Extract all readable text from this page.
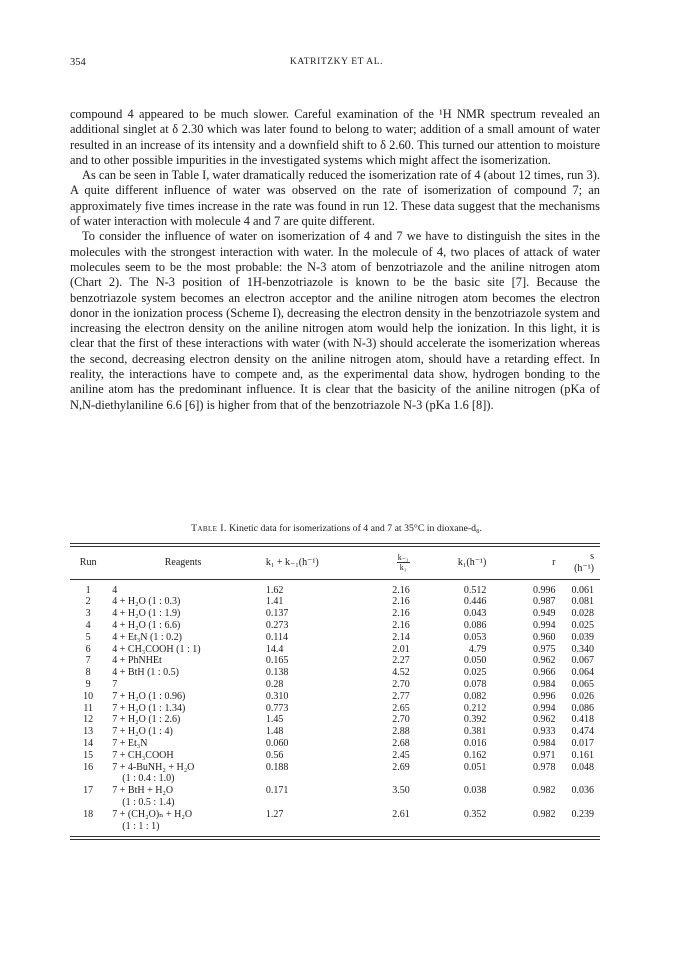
354	KATRITZKY ET AL.

compound 4 appeared to be much slower. Careful examination of the ¹H NMR spectrum revealed an additional singlet at δ 2.30 which was later found to belong to water; addition of a small amount of water resulted in an increase of its intensity and a downfield shift to δ 2.60. This turned our attention to moisture and to other possible impurities in the investigated systems which might affect the isomerization.

As can be seen in Table I, water dramatically reduced the isomerization rate of 4 (about 12 times, run 3). A quite different influence of water was observed on the rate of isomerization of compound 7; an approximately five times increase in the rate was found in run 12. These data suggest that the mechanisms of water interaction with molecule 4 and 7 are quite different.

To consider the influence of water on isomerization of 4 and 7 we have to distinguish the sites in the molecules with the strongest interaction with water. In the molecule of 4, two places of attack of water molecules seem to be the most probable: the N-3 atom of benzotriazole and the aniline nitrogen atom (Chart 2). The N-3 position of 1H-benzotriazole is known to be the basic site [7]. Because the benzotriazole system becomes an electron acceptor and the aniline nitrogen atom becomes the electron donor in the ionization process (Scheme I), decreasing the electron density in the benzotriazole system and increasing the electron density on the aniline nitrogen atom would help the ionization. In this light, it is clear that the first of these interactions with water (with N-3) should accelerate the isomerization whereas the second, decreasing electron density on the aniline nitrogen atom, should have a retarding effect. In reality, the interactions have to compete and, as the experimental data show, hydrogen bonding to the aniline atom has the predominant influence. It is clear that the basicity of the aniline nitrogen (pKa of N,N-diethylaniline 6.6 [6]) is higher from that of the benzotriazole N-3 (pKa 1.6 [8]).

Table I. Kinetic data for isomerizations of 4 and 7 at 35°C in dioxane-d₈.
Run	Reagents	k₁ + k₋₁(h⁻¹)	$\frac{\text{k₋₁}}{\text{k₁}}$	k₁(h⁻¹)	r	s (h⁻¹)
1	4	1.62	2.16	0.512	0.996	0.061
2	4 + H₂O (1 : 0.3)	1.41	2.16	0.446	0.987	0.081
3	4 + H₂O (1 : 1.9)	0.137	2.16	0.043	0.949	0.028
4	4 + H₂O (1 : 6.6)	0.273	2.16	0.086	0.994	0.025
5	4 + Et₃N (1 : 0.2)	0.114	2.14	0.053	0.960	0.039
6	4 + CH₃COOH (1 : 1)	14.4	2.01	4.79	0.975	0.340
7	4 + PhNHEt	0.165	2.27	0.050	0.962	0.067
8	4 + BtH (1 : 0.5)	0.138	4.52	0.025	0.966	0.064
9	7	0.28	2.70	0.078	0.984	0.065
10	7 + H₂O (1 : 0.96)	0.310	2.77	0.082	0.996	0.026
11	7 + H₂O (1 : 1.34)	0.773	2.65	0.212	0.994	0.086
12	7 + H₂O (1 : 2.6)	1.45	2.70	0.392	0.962	0.418
13	7 + H₂O (1 : 4)	1.48	2.88	0.381	0.933	0.474
14	7 + Et₃N	0.060	2.68	0.016	0.984	0.017
15	7 + CH₃COOH	0.56	2.45	0.162	0.971	0.161
16	7 + 4-BuNH₂ + H₂O
(1 : 0.4 : 1.0)	0.188	2.69	0.051	0.978	0.048
17	7 + BtH + H₂O
(1 : 0.5 : 1.4)	0.171	3.50	0.038	0.982	0.036
18	7 + (CH₂O)ₙ + H₂O
(1 : 1 : 1)	1.27	2.61	0.352	0.982	0.239
